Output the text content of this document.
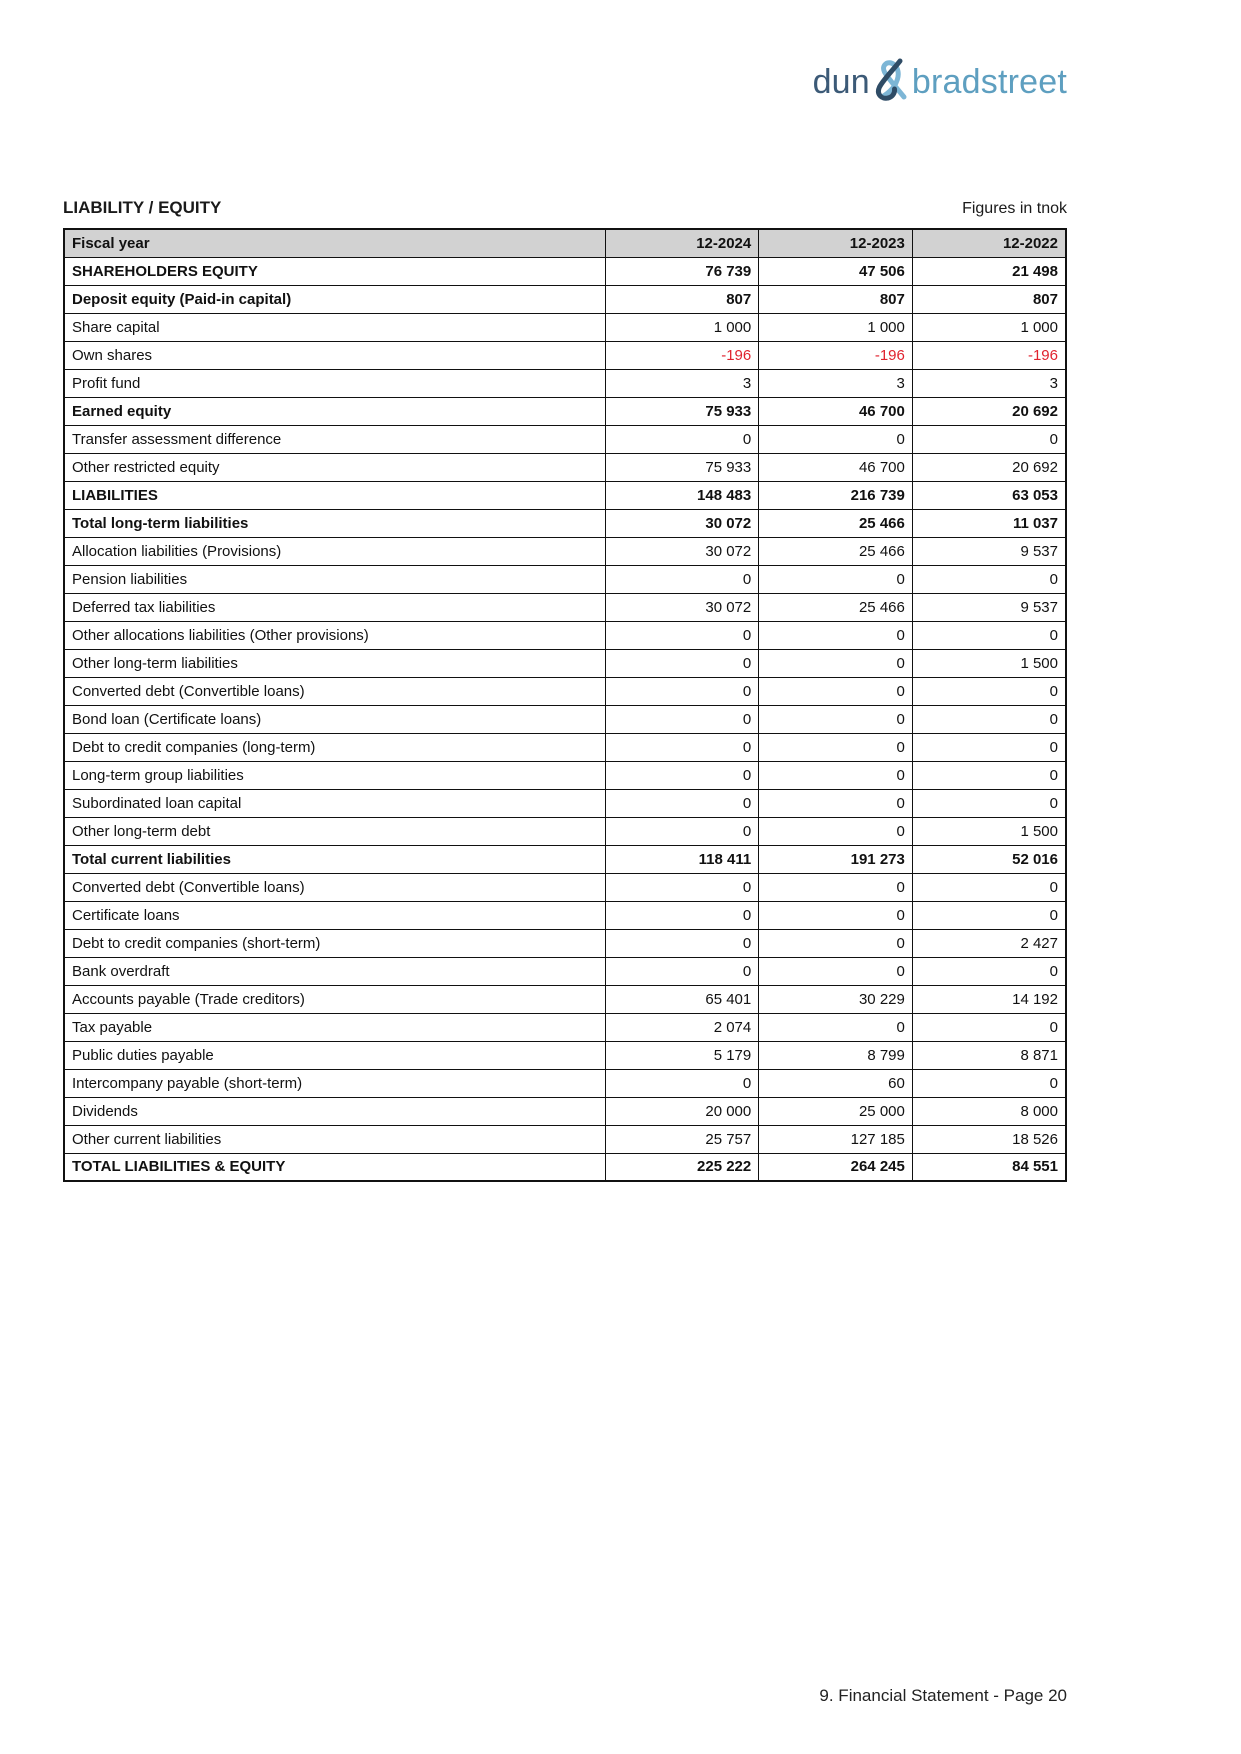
dun bradstreet
LIABILITY / EQUITY	Figures in tnok
Fiscal year	12-2024	12-2023	12-2022
SHAREHOLDERS EQUITY	76 739	47 506	21 498
Deposit equity (Paid-in capital)	807	807	807
Share capital	1 000	1 000	1 000
Own shares	-196	-196	-196
Profit fund	3	3	3
Earned equity	75 933	46 700	20 692
Transfer assessment difference	0	0	0
Other restricted equity	75 933	46 700	20 692
LIABILITIES	148 483	216 739	63 053
Total long-term liabilities	30 072	25 466	11 037
Allocation liabilities (Provisions)	30 072	25 466	9 537
Pension liabilities	0	0	0
Deferred tax liabilities	30 072	25 466	9 537
Other allocations liabilities (Other provisions)	0	0	0
Other long-term liabilities	0	0	1 500
Converted debt (Convertible loans)	0	0	0
Bond loan (Certificate loans)	0	0	0
Debt to credit companies (long-term)	0	0	0
Long-term group liabilities	0	0	0
Subordinated loan capital	0	0	0
Other long-term debt	0	0	1 500
Total current liabilities	118 411	191 273	52 016
Converted debt (Convertible loans)	0	0	0
Certificate loans	0	0	0
Debt to credit companies (short-term)	0	0	2 427
Bank overdraft	0	0	0
Accounts payable (Trade creditors)	65 401	30 229	14 192
Tax payable	2 074	0	0
Public duties payable	5 179	8 799	8 871
Intercompany payable (short-term)	0	60	0
Dividends	20 000	25 000	8 000
Other current liabilities	25 757	127 185	18 526
TOTAL LIABILITIES & EQUITY	225 222	264 245	84 551
9. Financial Statement - Page 20
